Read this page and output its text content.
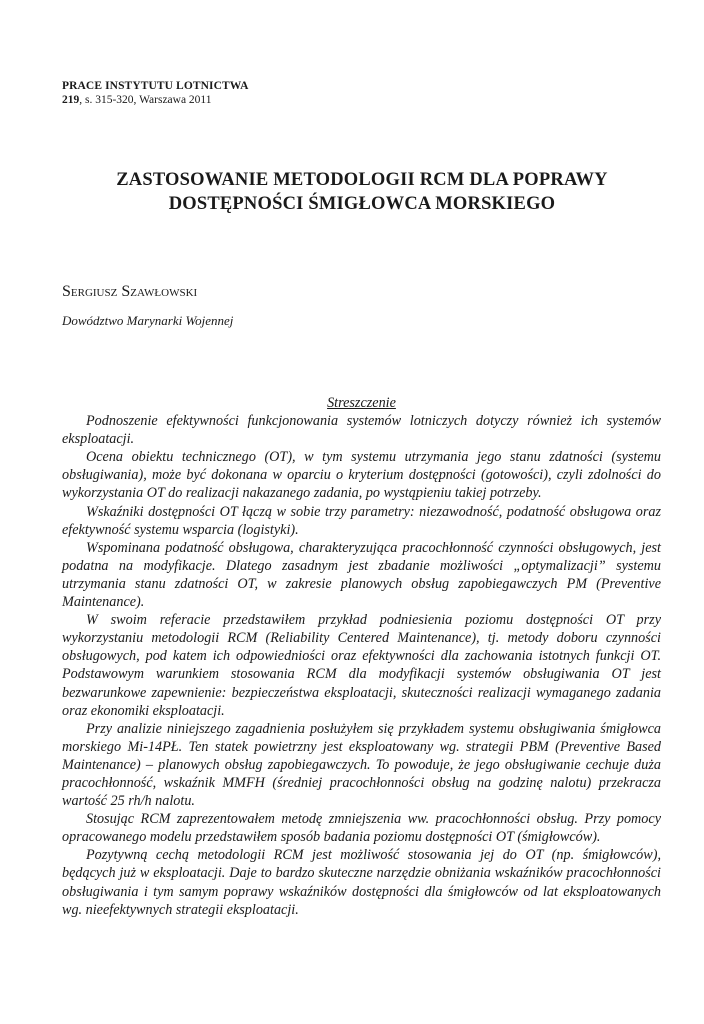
PRACE INSTYTUTU LOTNICTWA
219, s. 315-320, Warszawa 2011
ZASTOSOWANIE METODOLOGII RCM DLA POPRAWY
DOSTĘPNOŚCI ŚMIGŁOWCA MORSKIEGO
Sergiusz Szawłowski
Dowództwo Marynarki Wojennej
Streszczenie

Podnoszenie efektywności funkcjonowania systemów lotniczych dotyczy również ich systemów eksploatacji.

Ocena obiektu technicznego (OT), w tym systemu utrzymania jego stanu zdatności (systemu obsługiwania), może być dokonana w oparciu o kryterium dostępności (gotowości), czyli zdolności do wykorzystania OT do realizacji nakazanego zadania, po wystąpieniu takiej potrzeby.

Wskaźniki dostępności OT łączą w sobie trzy parametry: niezawodność, podatność obsługowa oraz efektywność systemu wsparcia (logistyki).

Wspominana podatność obsługowa, charakteryzująca pracochłonność czynności obsługowych, jest podatna na modyfikacje. Dlatego zasadnym jest zbadanie możliwości „optymalizacji” systemu utrzymania stanu zdatności OT, w zakresie planowych obsług zapobiegawczych PM (Preventive Maintenance).

W swoim referacie przedstawiłem przykład podniesienia poziomu dostępności OT przy wykorzystaniu metodologii RCM (Reliability Centered Maintenance), tj. metody doboru czynności obsługowych, pod katem ich odpowiedniości oraz efektywności dla zachowania istotnych funkcji OT. Podstawowym warunkiem stosowania RCM dla modyfikacji systemów obsługiwania OT jest bezwarunkowe zapewnienie: bezpieczeństwa eksploatacji, skuteczności realizacji wymaganego zadania oraz ekonomiki eksploatacji.

Przy analizie niniejszego zagadnienia posłużyłem się przykładem systemu obsługiwania śmigłowca morskiego Mi-14PŁ. Ten statek powietrzny jest eksploatowany wg. strategii PBM (Preventive Based Maintenance) – planowych obsług zapobiegawczych. To powoduje, że jego obsługiwanie cechuje duża pracochłonność, wskaźnik MMFH (średniej pracochłonności obsług na godzinę nalotu) przekracza wartość 25 rh/h nalotu.

Stosując RCM zaprezentowałem metodę zmniejszenia ww. pracochłonności obsług. Przy pomocy opracowanego modelu przedstawiłem sposób badania poziomu dostępności OT (śmigłowców).

Pozytywną cechą metodologii RCM jest możliwość stosowania jej do OT (np. śmigłowców), będących już w eksploatacji. Daje to bardzo skuteczne narzędzie obniżania wskaźników pracochłonności obsługiwania i tym samym poprawy wskaźników dostępności dla śmigłowców od lat eksploatowanych wg. nieefektywnych strategii eksploatacji.
